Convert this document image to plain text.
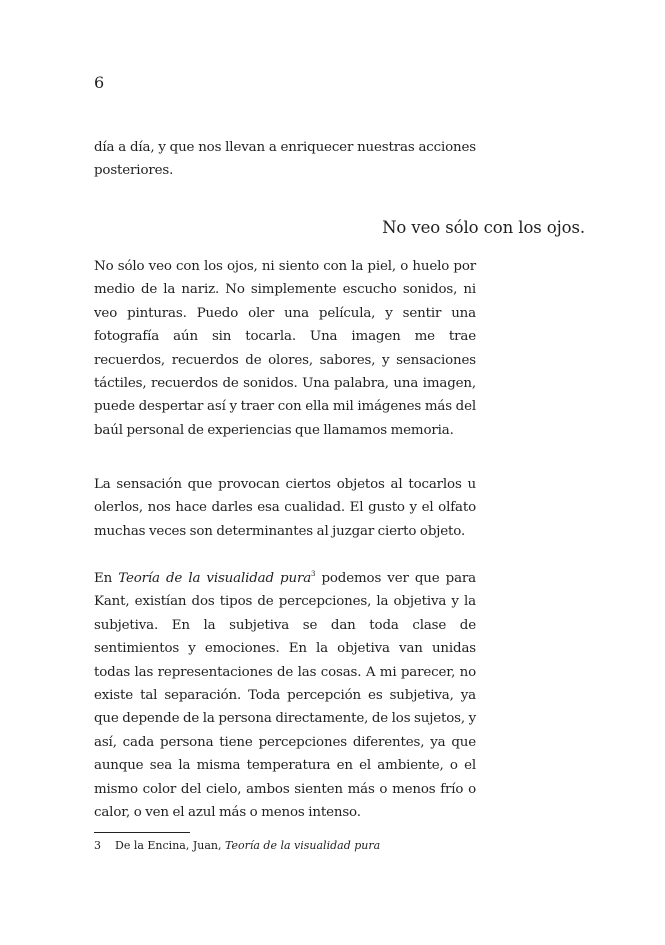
6

día a día, y que nos llevan a enriquecer nuestras acciones posteriores.

No veo sólo con los ojos.

No sólo veo con los ojos, ni siento con la piel, o huelo por medio de la nariz. No simplemente escucho sonidos, ni veo pinturas. Puedo oler una película, y sentir una fotografía aún sin tocarla. Una imagen me trae recuerdos, recuerdos de olores, sabores, y sensaciones táctiles, recuerdos de sonidos. Una palabra, una imagen, puede despertar así y traer con ella mil imágenes más del baúl personal de experiencias que llamamos memoria.

La sensación que provocan ciertos objetos al tocarlos u olerlos, nos hace darles esa cualidad. El gusto y el olfato muchas veces son determinantes al juzgar cierto objeto.

En Teoría de la visualidad pura$^3$ podemos ver que para Kant, existían dos tipos de percepciones, la objetiva y la subjetiva. En la subjetiva se dan toda clase de sentimientos y emociones. En la objetiva van unidas todas las representaciones de las cosas. A mi parecer, no existe tal separación. Toda percepción es subjetiva, ya que depende de la persona directamente, de los sujetos, y así, cada persona tiene percepciones diferentes, ya que aunque sea la misma temperatura en el ambiente, o el mismo color del cielo, ambos sienten más o menos frío o calor, o ven el azul más o menos intenso.

3 De la Encina, Juan, Teoría de la visualidad pura
